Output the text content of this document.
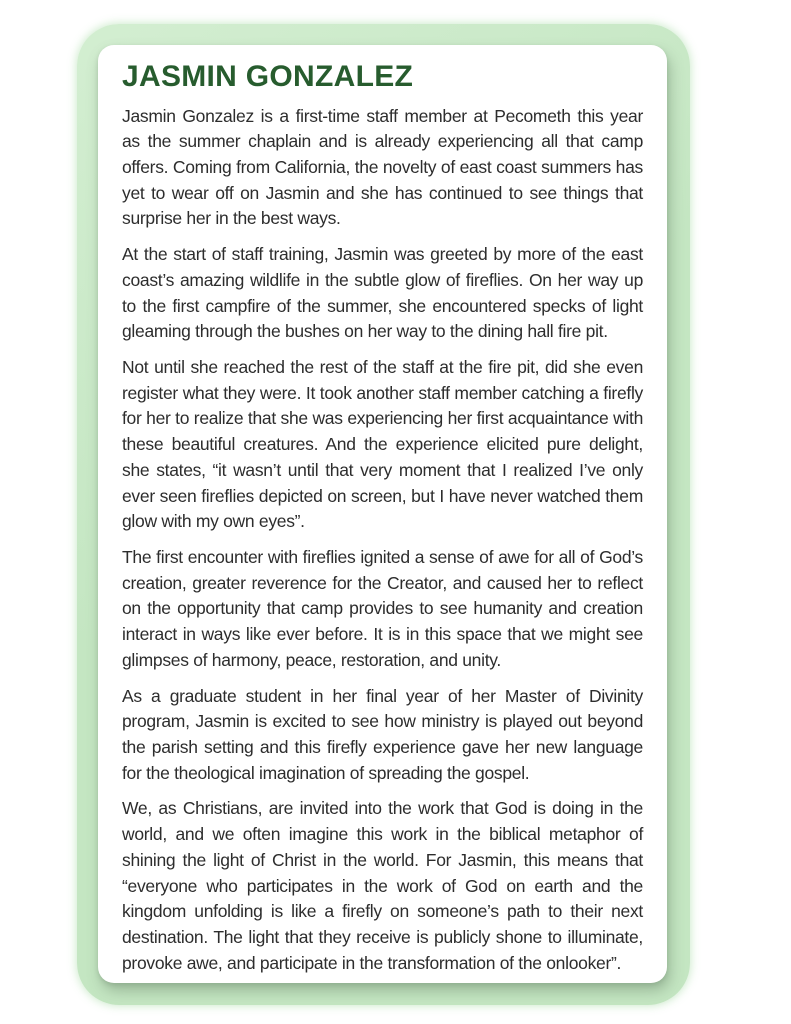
JASMIN GONZALEZ

Jasmin Gonzalez is a first-time staff member at Pecometh this year as the summer chaplain and is already experiencing all that camp offers. Coming from California, the novelty of east coast summers has yet to wear off on Jasmin and she has continued to see things that surprise her in the best ways.

At the start of staff training, Jasmin was greeted by more of the east coast’s amazing wildlife in the subtle glow of fireflies. On her way up to the first campfire of the summer, she encountered specks of light gleaming through the bushes on her way to the dining hall fire pit.

Not until she reached the rest of the staff at the fire pit, did she even register what they were. It took another staff member catching a firefly for her to realize that she was experiencing her first acquaintance with these beautiful creatures. And the experience elicited pure delight, she states, “it wasn’t until that very moment that I realized I’ve only ever seen fireflies depicted on screen, but I have never watched them glow with my own eyes”.

The first encounter with fireflies ignited a sense of awe for all of God’s creation, greater reverence for the Creator, and caused her to reflect on the opportunity that camp provides to see humanity and creation interact in ways like ever before. It is in this space that we might see glimpses of harmony, peace, restoration, and unity.

As a graduate student in her final year of her Master of Divinity program, Jasmin is excited to see how ministry is played out beyond the parish setting and this firefly experience gave her new language for the theological imagination of spreading the gospel.

We, as Christians, are invited into the work that God is doing in the world, and we often imagine this work in the biblical metaphor of shining the light of Christ in the world. For Jasmin, this means that “everyone who participates in the work of God on earth and the kingdom unfolding is like a firefly on someone’s path to their next destination. The light that they receive is publicly shone to illuminate, provoke awe, and participate in the transformation of the onlooker”.
